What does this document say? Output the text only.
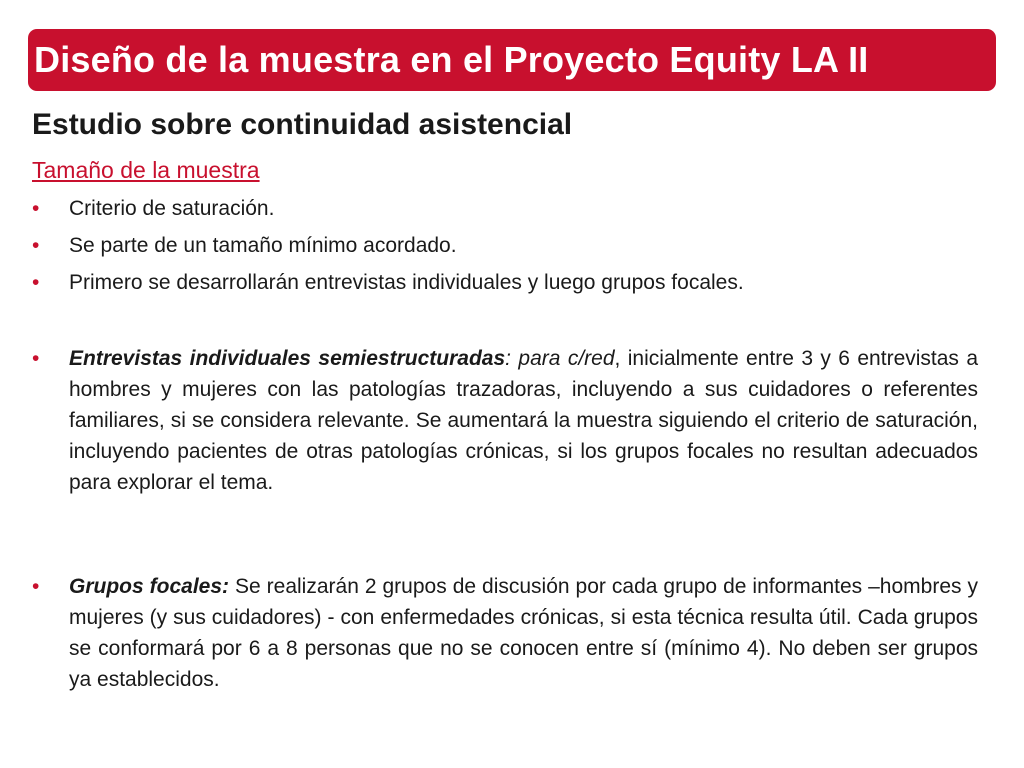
Diseño de la muestra en el Proyecto Equity LA II
Estudio sobre continuidad asistencial
Tamaño de la muestra
• Criterio de saturación.
• Se parte de un tamaño mínimo acordado.
• Primero se desarrollarán entrevistas individuales y luego grupos focales.

• Entrevistas individuales semiestructuradas: para c/red, inicialmente entre 3 y 6 entrevistas a hombres y mujeres con las patologías trazadoras, incluyendo a sus cuidadores o referentes familiares, si se considera relevante. Se aumentará la muestra siguiendo el criterio de saturación, incluyendo pacientes de otras patologías crónicas, si los grupos focales no resultan adecuados para explorar el tema.

• Grupos focales: Se realizarán 2 grupos de discusión por cada grupo de informantes –hombres y mujeres (y sus cuidadores) - con enfermedades crónicas, si esta técnica resulta útil. Cada grupos se conformará por 6 a 8 personas que no se conocen entre sí (mínimo 4). No deben ser grupos ya establecidos.
